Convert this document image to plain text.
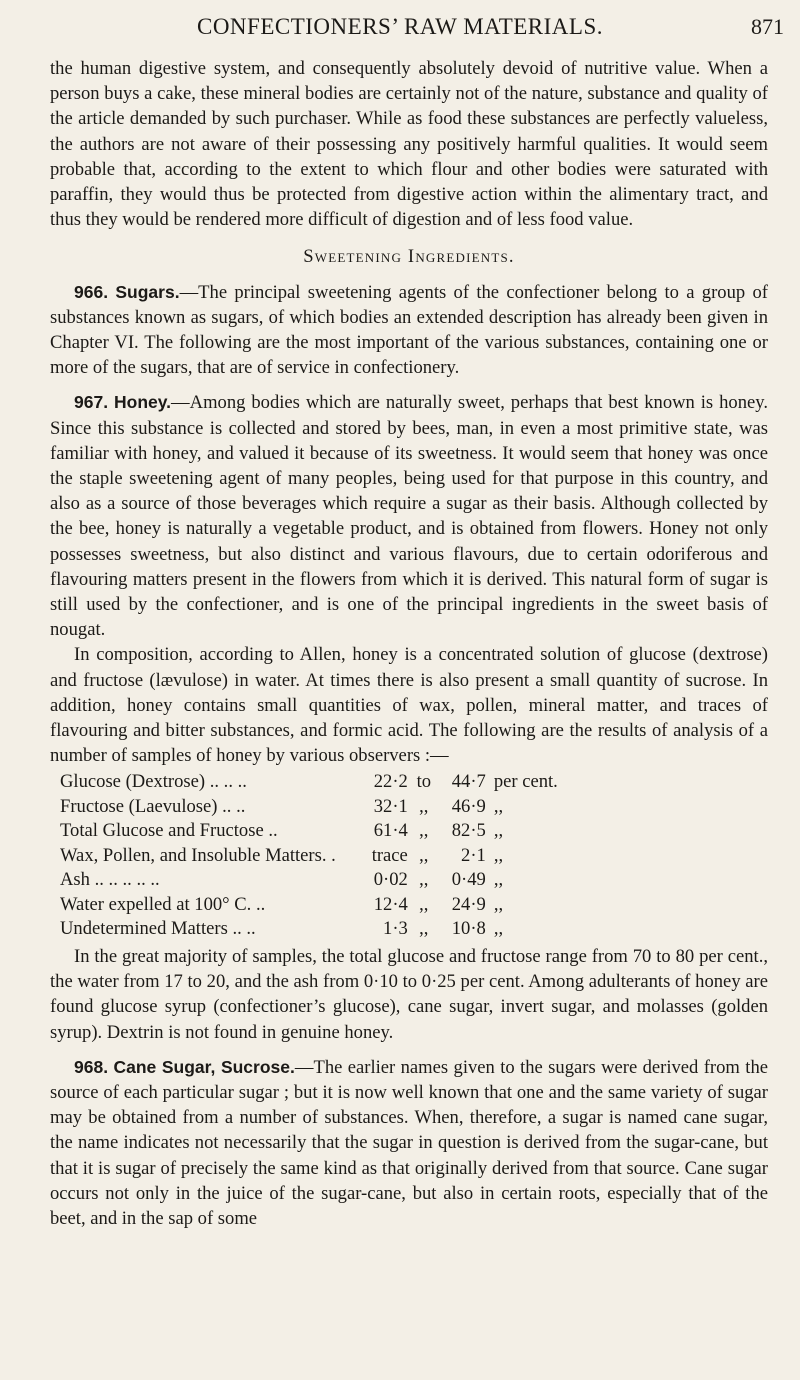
CONFECTIONERS’ RAW MATERIALS.	871

the human digestive system, and consequently absolutely devoid of nutritive value. When a person buys a cake, these mineral bodies are certainly not of the nature, substance and quality of the article demanded by such purchaser. While as food these substances are perfectly valueless, the authors are not aware of their possessing any positively harmful qualities. It would seem probable that, according to the extent to which flour and other bodies were saturated with paraffin, they would thus be protected from digestive action within the alimentary tract, and thus they would be rendered more difficult of digestion and of less food value.

Sweetening Ingredients.

966. Sugars.—The principal sweetening agents of the confectioner belong to a group of substances known as sugars, of which bodies an extended description has already been given in Chapter VI. The following are the most important of the various substances, containing one or more of the sugars, that are of service in confectionery.

967. Honey.—Among bodies which are naturally sweet, perhaps that best known is honey. Since this substance is collected and stored by bees, man, in even a most primitive state, was familiar with honey, and valued it because of its sweetness. It would seem that honey was once the staple sweetening agent of many peoples, being used for that purpose in this country, and also as a source of those beverages which require a sugar as their basis. Although collected by the bee, honey is naturally a vegetable product, and is obtained from flowers. Honey not only possesses sweetness, but also distinct and various flavours, due to certain odoriferous and flavouring matters present in the flowers from which it is derived. This natural form of sugar is still used by the confectioner, and is one of the principal ingredients in the sweet basis of nougat.

In composition, according to Allen, honey is a concentrated solution of glucose (dextrose) and fructose (lævulose) in water. At times there is also present a small quantity of sucrose. In addition, honey contains small quantities of wax, pollen, mineral matter, and traces of flavouring and bitter substances, and formic acid. The following are the results of analysis of a number of samples of honey by various observers :—

Glucose (Dextrose) .. .. ..	22·2	to	44·7	per cent.
Fructose (Laevulose) .. ..	32·1	,,	46·9	,,
Total Glucose and Fructose ..	61·4	,,	82·5	,,
Wax, Pollen, and Insoluble Matters. .	trace	,,	2·1	,,
Ash .. .. .. .. ..	0·02	,,	0·49	,,
Water expelled at 100° C. ..	12·4	,,	24·9	,,
Undetermined Matters .. ..	1·3	,,	10·8	,,

In the great majority of samples, the total glucose and fructose range from 70 to 80 per cent., the water from 17 to 20, and the ash from 0·10 to 0·25 per cent. Among adulterants of honey are found glucose syrup (confectioner’s glucose), cane sugar, invert sugar, and molasses (golden syrup). Dextrin is not found in genuine honey.

968. Cane Sugar, Sucrose.—The earlier names given to the sugars were derived from the source of each particular sugar ; but it is now well known that one and the same variety of sugar may be obtained from a number of substances. When, therefore, a sugar is named cane sugar, the name indicates not necessarily that the sugar in question is derived from the sugar-cane, but that it is sugar of precisely the same kind as that originally derived from that source. Cane sugar occurs not only in the juice of the sugar-cane, but also in certain roots, especially that of the beet, and in the sap of some
